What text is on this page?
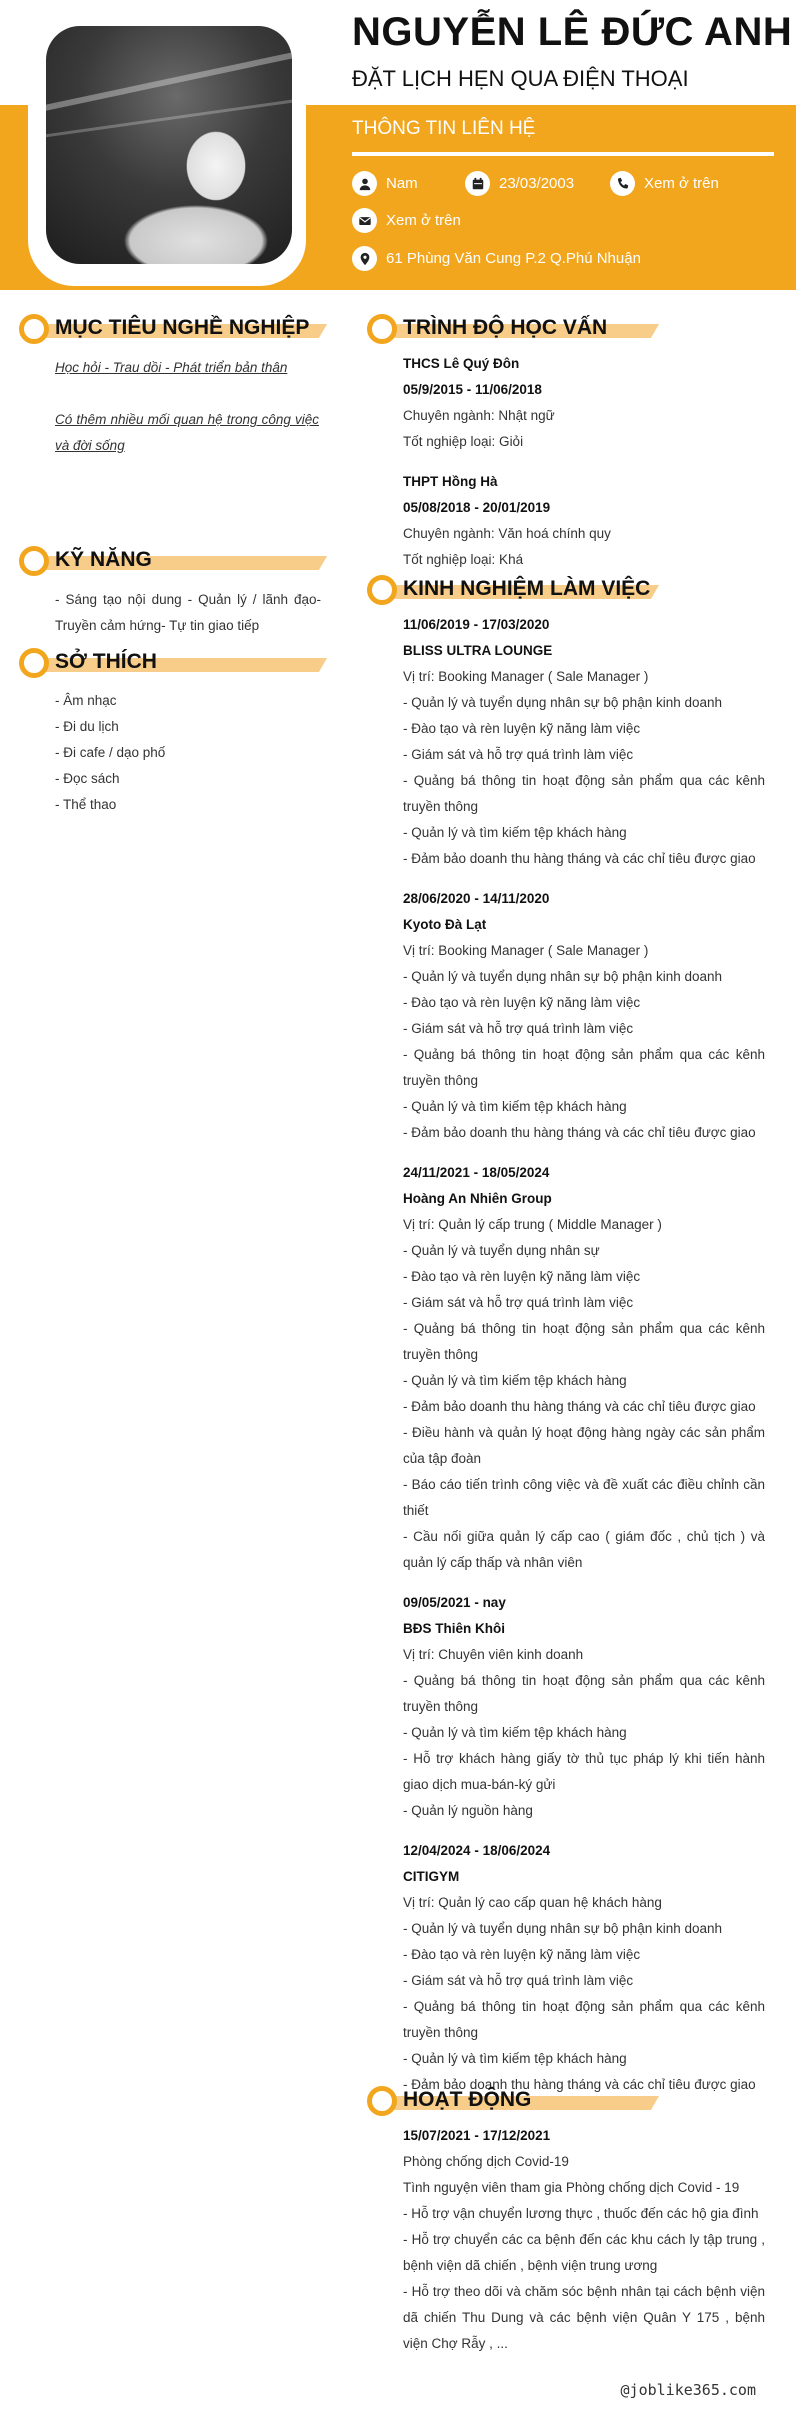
NGUYỄN LÊ ĐỨC ANH
ĐẶT LỊCH HẸN QUA ĐIỆN THOẠI
THÔNG TIN LIÊN HỆ
Nam	23/03/2003	Xem ở trên
Xem ở trên
61 Phùng Văn Cung P.2 Q.Phú Nhuận
MỤC TIÊU NGHỀ NGHIỆP
Học hỏi - Trau dồi - Phát triển bản thân
Có thêm nhiều mối quan hệ trong công việc và đời sống
KỸ NĂNG
- Sáng tạo nội dung - Quản lý / lãnh đạo- Truyền cảm hứng- Tự tin giao tiếp
SỞ THÍCH
- Âm nhạc
- Đi du lịch
- Đi cafe / dạo phố
- Đọc sách
- Thể thao
TRÌNH ĐỘ HỌC VẤN
THCS Lê Quý Đôn
05/9/2015 - 11/06/2018
Chuyên ngành: Nhật ngữ
Tốt nghiệp loại: Giỏi
THPT Hồng Hà
05/08/2018 - 20/01/2019
Chuyên ngành: Văn hoá chính quy
Tốt nghiệp loại: Khá
KINH NGHIỆM LÀM VIỆC
11/06/2019 - 17/03/2020
BLISS ULTRA LOUNGE
Vị trí: Booking Manager ( Sale Manager )
- Quản lý và tuyển dụng nhân sự bộ phận kinh doanh
- Đào tạo và rèn luyện kỹ năng làm việc
- Giám sát và hỗ trợ quá trình làm việc
- Quảng bá thông tin hoạt động sản phẩm qua các kênh truyền thông
- Quản lý và tìm kiếm tệp khách hàng
- Đảm bảo doanh thu hàng tháng và các chỉ tiêu được giao
28/06/2020 - 14/11/2020
Kyoto Đà Lạt
Vị trí: Booking Manager ( Sale Manager )
- Quản lý và tuyển dụng nhân sự bộ phận kinh doanh
- Đào tạo và rèn luyện kỹ năng làm việc
- Giám sát và hỗ trợ quá trình làm việc
- Quảng bá thông tin hoạt động sản phẩm qua các kênh truyền thông
- Quản lý và tìm kiếm tệp khách hàng
- Đảm bảo doanh thu hàng tháng và các chỉ tiêu được giao
24/11/2021 - 18/05/2024
Hoàng An Nhiên Group
Vị trí: Quản lý cấp trung ( Middle Manager )
- Quản lý và tuyển dụng nhân sự
- Đào tạo và rèn luyện kỹ năng làm việc
- Giám sát và hỗ trợ quá trình làm việc
- Quảng bá thông tin hoạt động sản phẩm qua các kênh truyền thông
- Quản lý và tìm kiếm tệp khách hàng
- Đảm bảo doanh thu hàng tháng và các chỉ tiêu được giao
- Điều hành và quản lý hoạt động hàng ngày các sản phẩm của tập đoàn
- Báo cáo tiến trình công việc và đề xuất các điều chỉnh cần thiết
- Cầu nối giữa quản lý cấp cao ( giám đốc , chủ tịch ) và quản lý cấp thấp và nhân viên
09/05/2021 - nay
BĐS Thiên Khôi
Vị trí: Chuyên viên kinh doanh
- Quảng bá thông tin hoạt động sản phẩm qua các kênh truyền thông
- Quản lý và tìm kiếm tệp khách hàng
- Hỗ trợ khách hàng giấy tờ thủ tục pháp lý khi tiến hành giao dịch mua-bán-ký gửi
- Quản lý nguồn hàng
12/04/2024 - 18/06/2024
CITIGYM
Vị trí: Quản lý cao cấp quan hệ khách hàng
- Quản lý và tuyển dụng nhân sự bộ phận kinh doanh
- Đào tạo và rèn luyện kỹ năng làm việc
- Giám sát và hỗ trợ quá trình làm việc
- Quảng bá thông tin hoạt động sản phẩm qua các kênh truyền thông
- Quản lý và tìm kiếm tệp khách hàng
- Đảm bảo doanh thu hàng tháng và các chỉ tiêu được giao
HOẠT ĐỘNG
15/07/2021 - 17/12/2021
Phòng chống dịch Covid-19
Tình nguyện viên tham gia Phòng chống dịch Covid - 19
- Hỗ trợ vận chuyển lương thực , thuốc đến các hộ gia đình
- Hỗ trợ chuyển các ca bệnh đến các khu cách ly tập trung , bệnh viện dã chiến , bệnh viện trung ương
- Hỗ trợ theo dõi và chăm sóc bệnh nhân tại cách bệnh viện dã chiến Thu Dung và các bệnh viện Quân Y 175 , bệnh viện Chợ Rẫy , ...
@joblike365.com
